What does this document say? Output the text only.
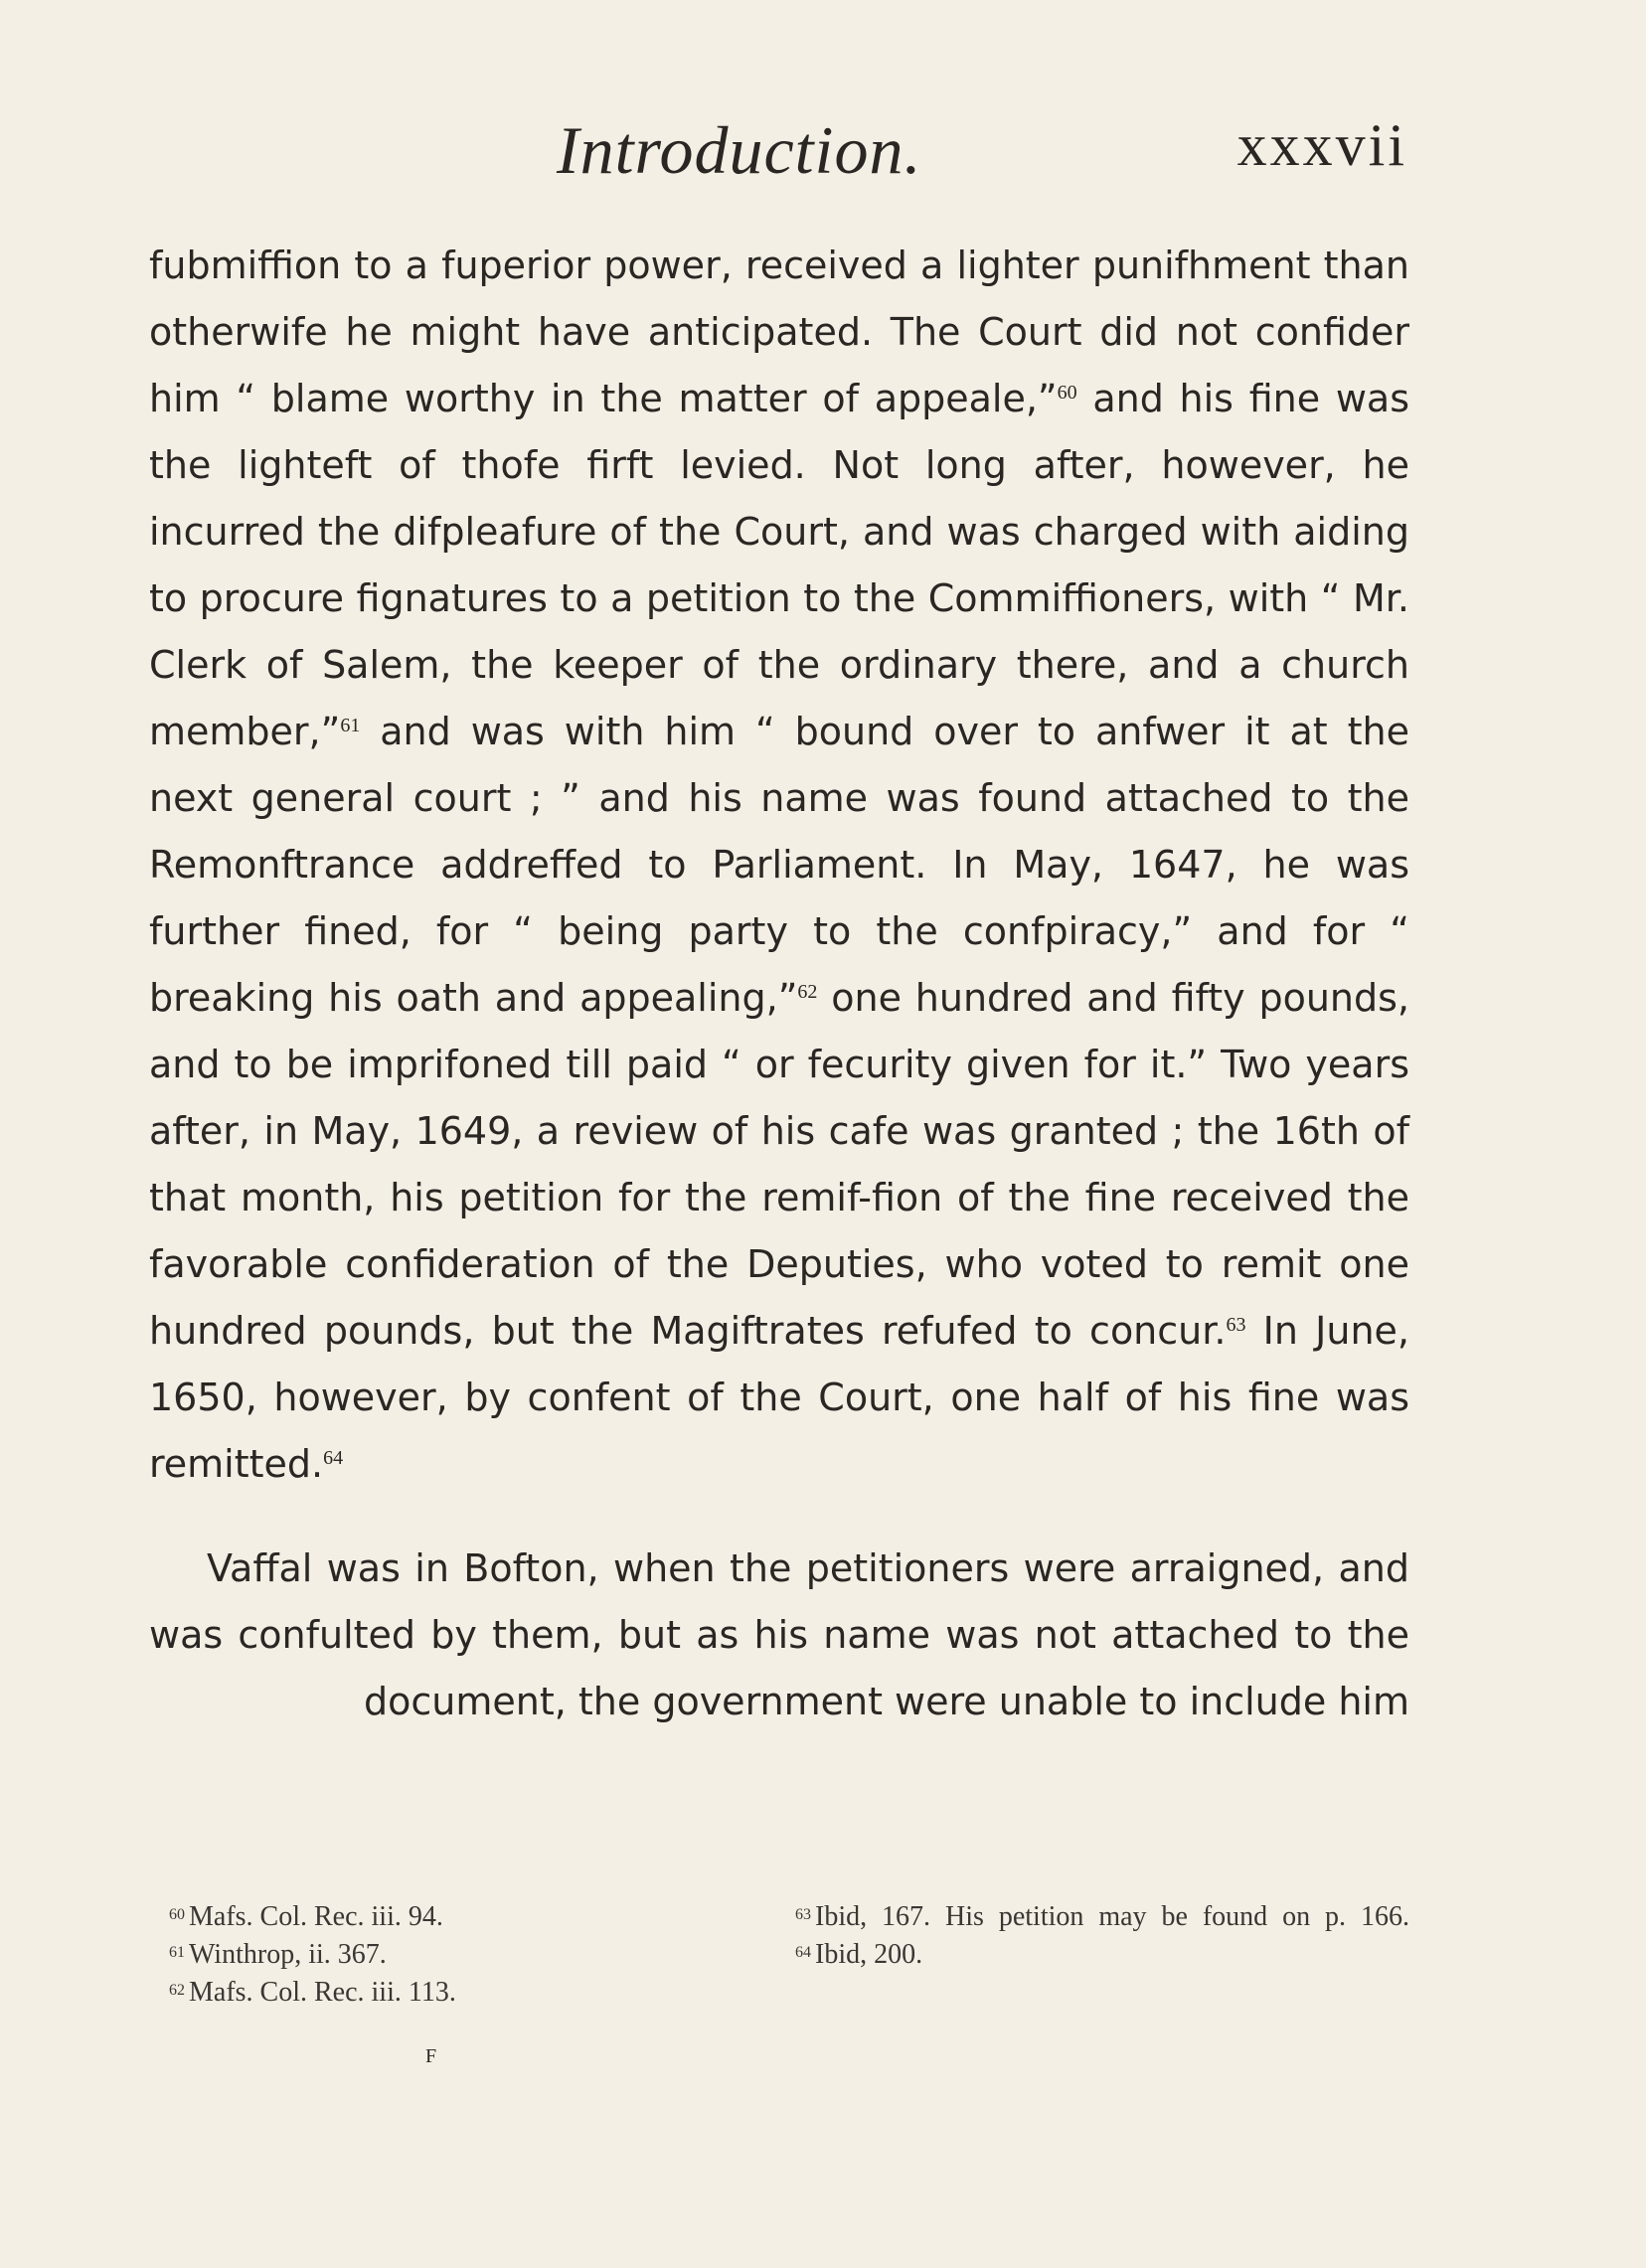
Introduction.	xxxvii

fubmiffion to a fuperior power, received a lighter punifhment than otherwife he might have anticipated. The Court did not confider him “ blame worthy in the matter of appeale,”$^{60}$ and his fine was the lighteft of thofe firft levied. Not long after, however, he incurred the difpleafure of the Court, and was charged with aiding to procure fignatures to a petition to the Commiffioners, with “ Mr. Clerk of Salem, the keeper of the ordinary there, and a church member,”$^{61}$ and was with him “ bound over to anfwer it at the next general court ; ” and his name was found attached to the Remonftrance addreffed to Parliament. In May, 1647, he was further fined, for “ being party to the confpiracy,” and for “ breaking his oath and appealing,”$^{62}$ one hundred and fifty pounds, and to be imprifoned till paid “ or fecurity given for it.” Two years after, in May, 1649, a review of his cafe was granted ; the 16th of that month, his petition for the remif-fion of the fine received the favorable confideration of the Deputies, who voted to remit one hundred pounds, but the Magiftrates refufed to concur.$^{63}$ In June, 1650, however, by confent of the Court, one half of his fine was remitted.$^{64}$

Vaffal was in Bofton, when the petitioners were arraigned, and was confulted by them, but as his name was not attached to the document, the government were unable to include him

$^{60}$ Mafs. Col. Rec. iii. 94.
$^{61}$ Winthrop, ii. 367.
$^{62}$ Mafs. Col. Rec. iii. 113.
$^{63}$ Ibid, 167. His petition may be found on p. 166.
$^{64}$ Ibid, 200.
F
